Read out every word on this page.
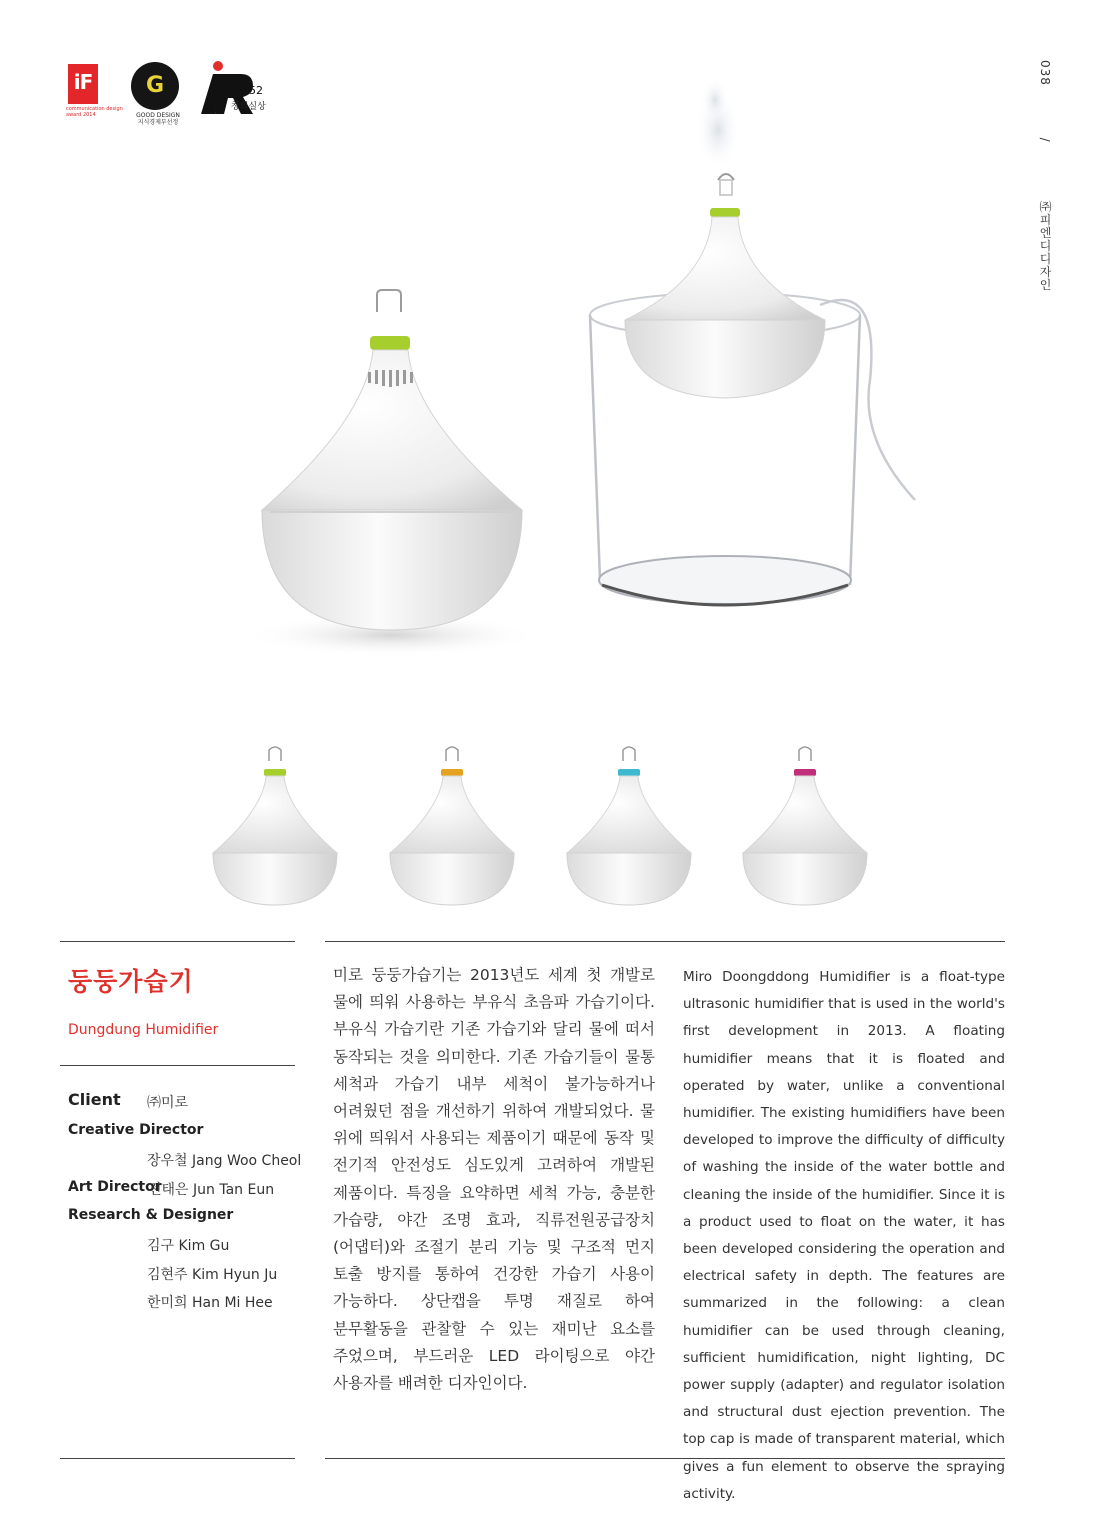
iF
communication design award 2014
G
GOOD DESIGN
지식경제부선정
52
창의실상
038  /  ㈜피엔디디자인
둥둥가습기
Dungdung Humidifier
Client ㈜미로
Creative Director
장우철 Jang Woo Cheol
Art Director
전태은 Jun Tan Eun
Research & Designer
김구 Kim Gu
김현주 Kim Hyun Ju
한미희 Han Mi Hee
미로 둥둥가습기는 2013년도 세계 첫 개발로 물에 띄워 사용하는 부유식 초음파 가습기이다. 부유식 가습기란 기존 가습기와 달리 물에 떠서 동작되는 것을 의미한다. 기존 가습기들이 물통 세척과 가습기 내부 세척이 불가능하거나 어려웠던 점을 개선하기 위하여 개발되었다. 물 위에 띄워서 사용되는 제품이기 때문에 동작 및 전기적 안전성도 심도있게 고려하여 개발된 제품이다. 특징을 요약하면 세척 가능, 충분한 가습량, 야간 조명 효과, 직류전원공급장치(어댑터)와 조절기 분리 기능 및 구조적 먼지 토출 방지를 통하여 건강한 가습기 사용이 가능하다. 상단캡을 투명 재질로 하여 분무활동을 관찰할 수 있는 재미난 요소를 주었으며, 부드러운 LED 라이팅으로 야간 사용자를 배려한 디자인이다.
Miro Doongddong Humidifier is a float-type ultrasonic humidifier that is used in the world's first development in 2013. A floating humidifier means that it is floated and operated by water, unlike a conventional humidifier. The existing humidifiers have been developed to improve the difficulty of difficulty of washing the inside of the water bottle and cleaning the inside of the humidifier. Since it is a product used to float on the water, it has been developed considering the operation and electrical safety in depth. The features are summarized in the following: a clean humidifier can be used through cleaning, sufficient humidification, night lighting, DC power supply (adapter) and regulator isolation and structural dust ejection prevention. The top cap is made of transparent material, which gives a fun element to observe the spraying activity.
